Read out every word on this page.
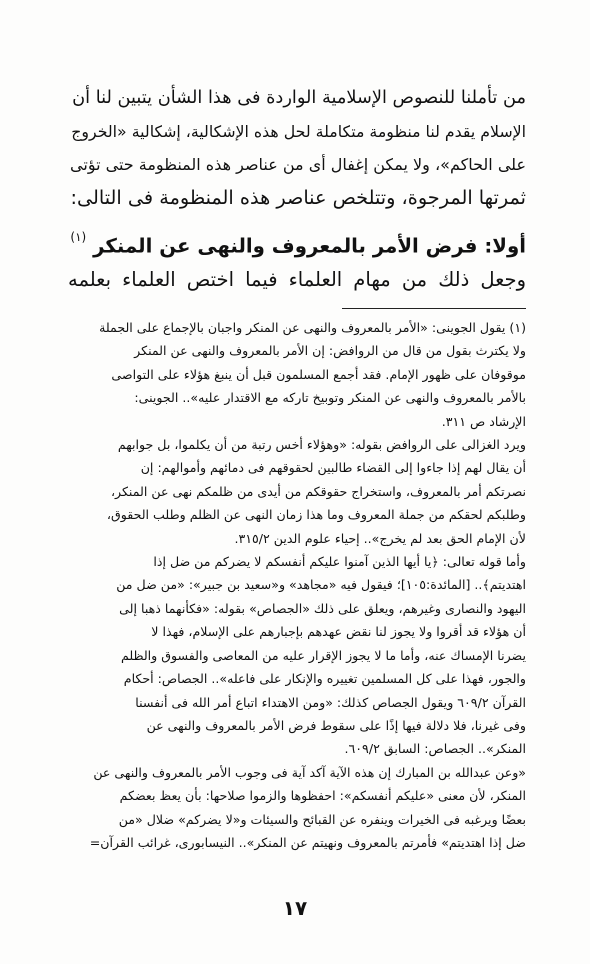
من تأملنا للنصوص الإسلامية الواردة فى هذا الشأن يتبين لنا أن
الإسلام يقدم لنا منظومة متكاملة لحل هذه الإشكالية، إشكالية «الخروج
على الحاكم»، ولا يمكن إغفال أى من عناصر هذه المنظومة حتى تؤتى
ثمرتها المرجوة، وتتلخص عناصر هذه المنظومة فى التالى:
أولا: فرض الأمر بالمعروف والنهى عن المنكر $^{(١)}$
وجعل ذلك من مهام العلماء فيما اختص العلماء بعلمه
(١) يقول الجوينى: «الأمر بالمعروف والنهى عن المنكر واجبان بالإجماع على الجملة
ولا يكترث بقول من قال من الروافض: إن الأمر بالمعروف والنهى عن المنكر
موقوفان على ظهور الإمام. فقد أجمع المسلمون قبل أن ينبغ هؤلاء على التواصى
بالأمر بالمعروف والنهى عن المنكر وتوبيخ تاركه مع الاقتدار عليه».. الجوينى:
الإرشاد ص ٣١١.
ويرد الغزالى على الروافض بقوله: «وهؤلاء أخس رتبة من أن يكلموا، بل جوابهم
أن يقال لهم إذا جاءوا إلى القضاء طالبين لحقوقهم فى دمائهم وأموالهم: إن
نصرتكم أمر بالمعروف، واستخراج حقوقكم من أيدى من ظلمكم نهى عن المنكر،
وطلبكم لحقكم من جملة المعروف وما هذا زمان النهى عن الظلم وطلب الحقوق،
لأن الإمام الحق بعد لم يخرج».. إحياء علوم الدين ٣١٥/٢.
وأما قوله تعالى: ﴿يا أيها الذين آمنوا عليكم أنفسكم لا يضركم من ضل إذا
اهتديتم﴾.. [المائدة:١٠٥]؛ فيقول فيه «مجاهد» و«سعيد بن جبير»: «من ضل من
اليهود والنصارى وغيرهم، ويعلق على ذلك «الجصاص» بقوله: «فكأنهما ذهبا إلى
أن هؤلاء قد أقروا ولا يجوز لنا نقض عهدهم بإجبارهم على الإسلام، فهذا لا
يضرنا الإمساك عنه، وأما ما لا يجوز الإقرار عليه من المعاصى والفسوق والظلم
والجور، فهذا على كل المسلمين تغييره والإنكار على فاعله».. الجصاص: أحكام
القرآن ٦٠٩/٢ ويقول الجصاص كذلك: «ومن الاهتداء اتباع أمر الله فى أنفسنا
وفى غيرنا، فلا دلالة فيها إذًا على سقوط فرض الأمر بالمعروف والنهى عن
المنكر».. الجصاص: السابق ٦٠٩/٢.
«وعن عبدالله بن المبارك إن هذه الآية آكد آية فى وجوب الأمر بالمعروف والنهى عن
المنكر، لأن معنى «عليكم أنفسكم»: احفظوها والزموا صلاحها: بأن يعظ بعضكم
بعضًا ويرغبه فى الخيرات وينفره عن القبائح والسيئات و«لا يضركم» ضلال «من
ضل إذا اهتديتم» فأمرتم بالمعروف ونهيتم عن المنكر».. النيسابورى، غرائب القرآن=
١٧
